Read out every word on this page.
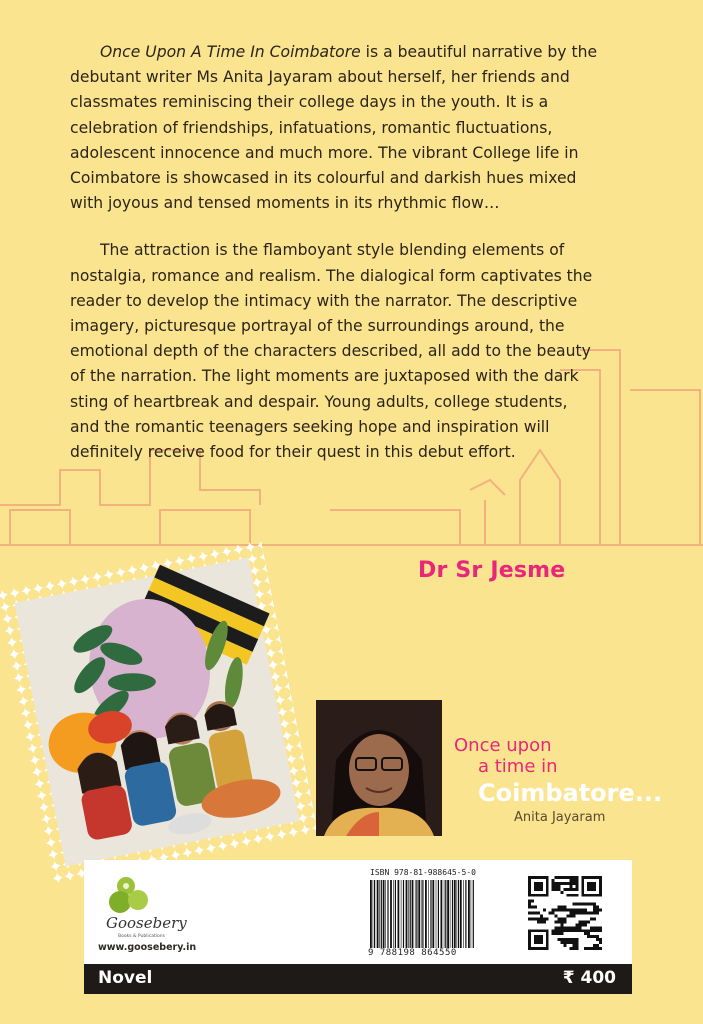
Once Upon A Time In Coimbatore is a beautiful narrative by the debutant writer Ms Anita Jayaram about herself, her friends and classmates reminiscing their college days in the youth. It is a celebration of friendships, infatuations, romantic fluctuations, adolescent innocence and much more. The vibrant College life in Coimbatore is showcased in its colourful and darkish hues mixed with joyous and tensed moments in its rhythmic flow…

The attraction is the flamboyant style blending elements of nostalgia, romance and realism. The dialogical form captivates the reader to develop the intimacy with the narrator. The descriptive imagery, picturesque portrayal of the surroundings around, the emotional depth of the characters described, all add to the beauty of the narration. The light moments are juxtaposed with the dark sting of heartbreak and despair. Young adults, college students, and the romantic teenagers seeking hope and inspiration will definitely receive food for their quest in this debut effort.

Dr Sr Jesme
Once upon
a time in
Coimbatore...
Anita Jayaram
Goosebery
Books & Publications
www.goosebery.in
ISBN 978-81-988645-5-0
9 788198 864550
Novel	₹ 400
